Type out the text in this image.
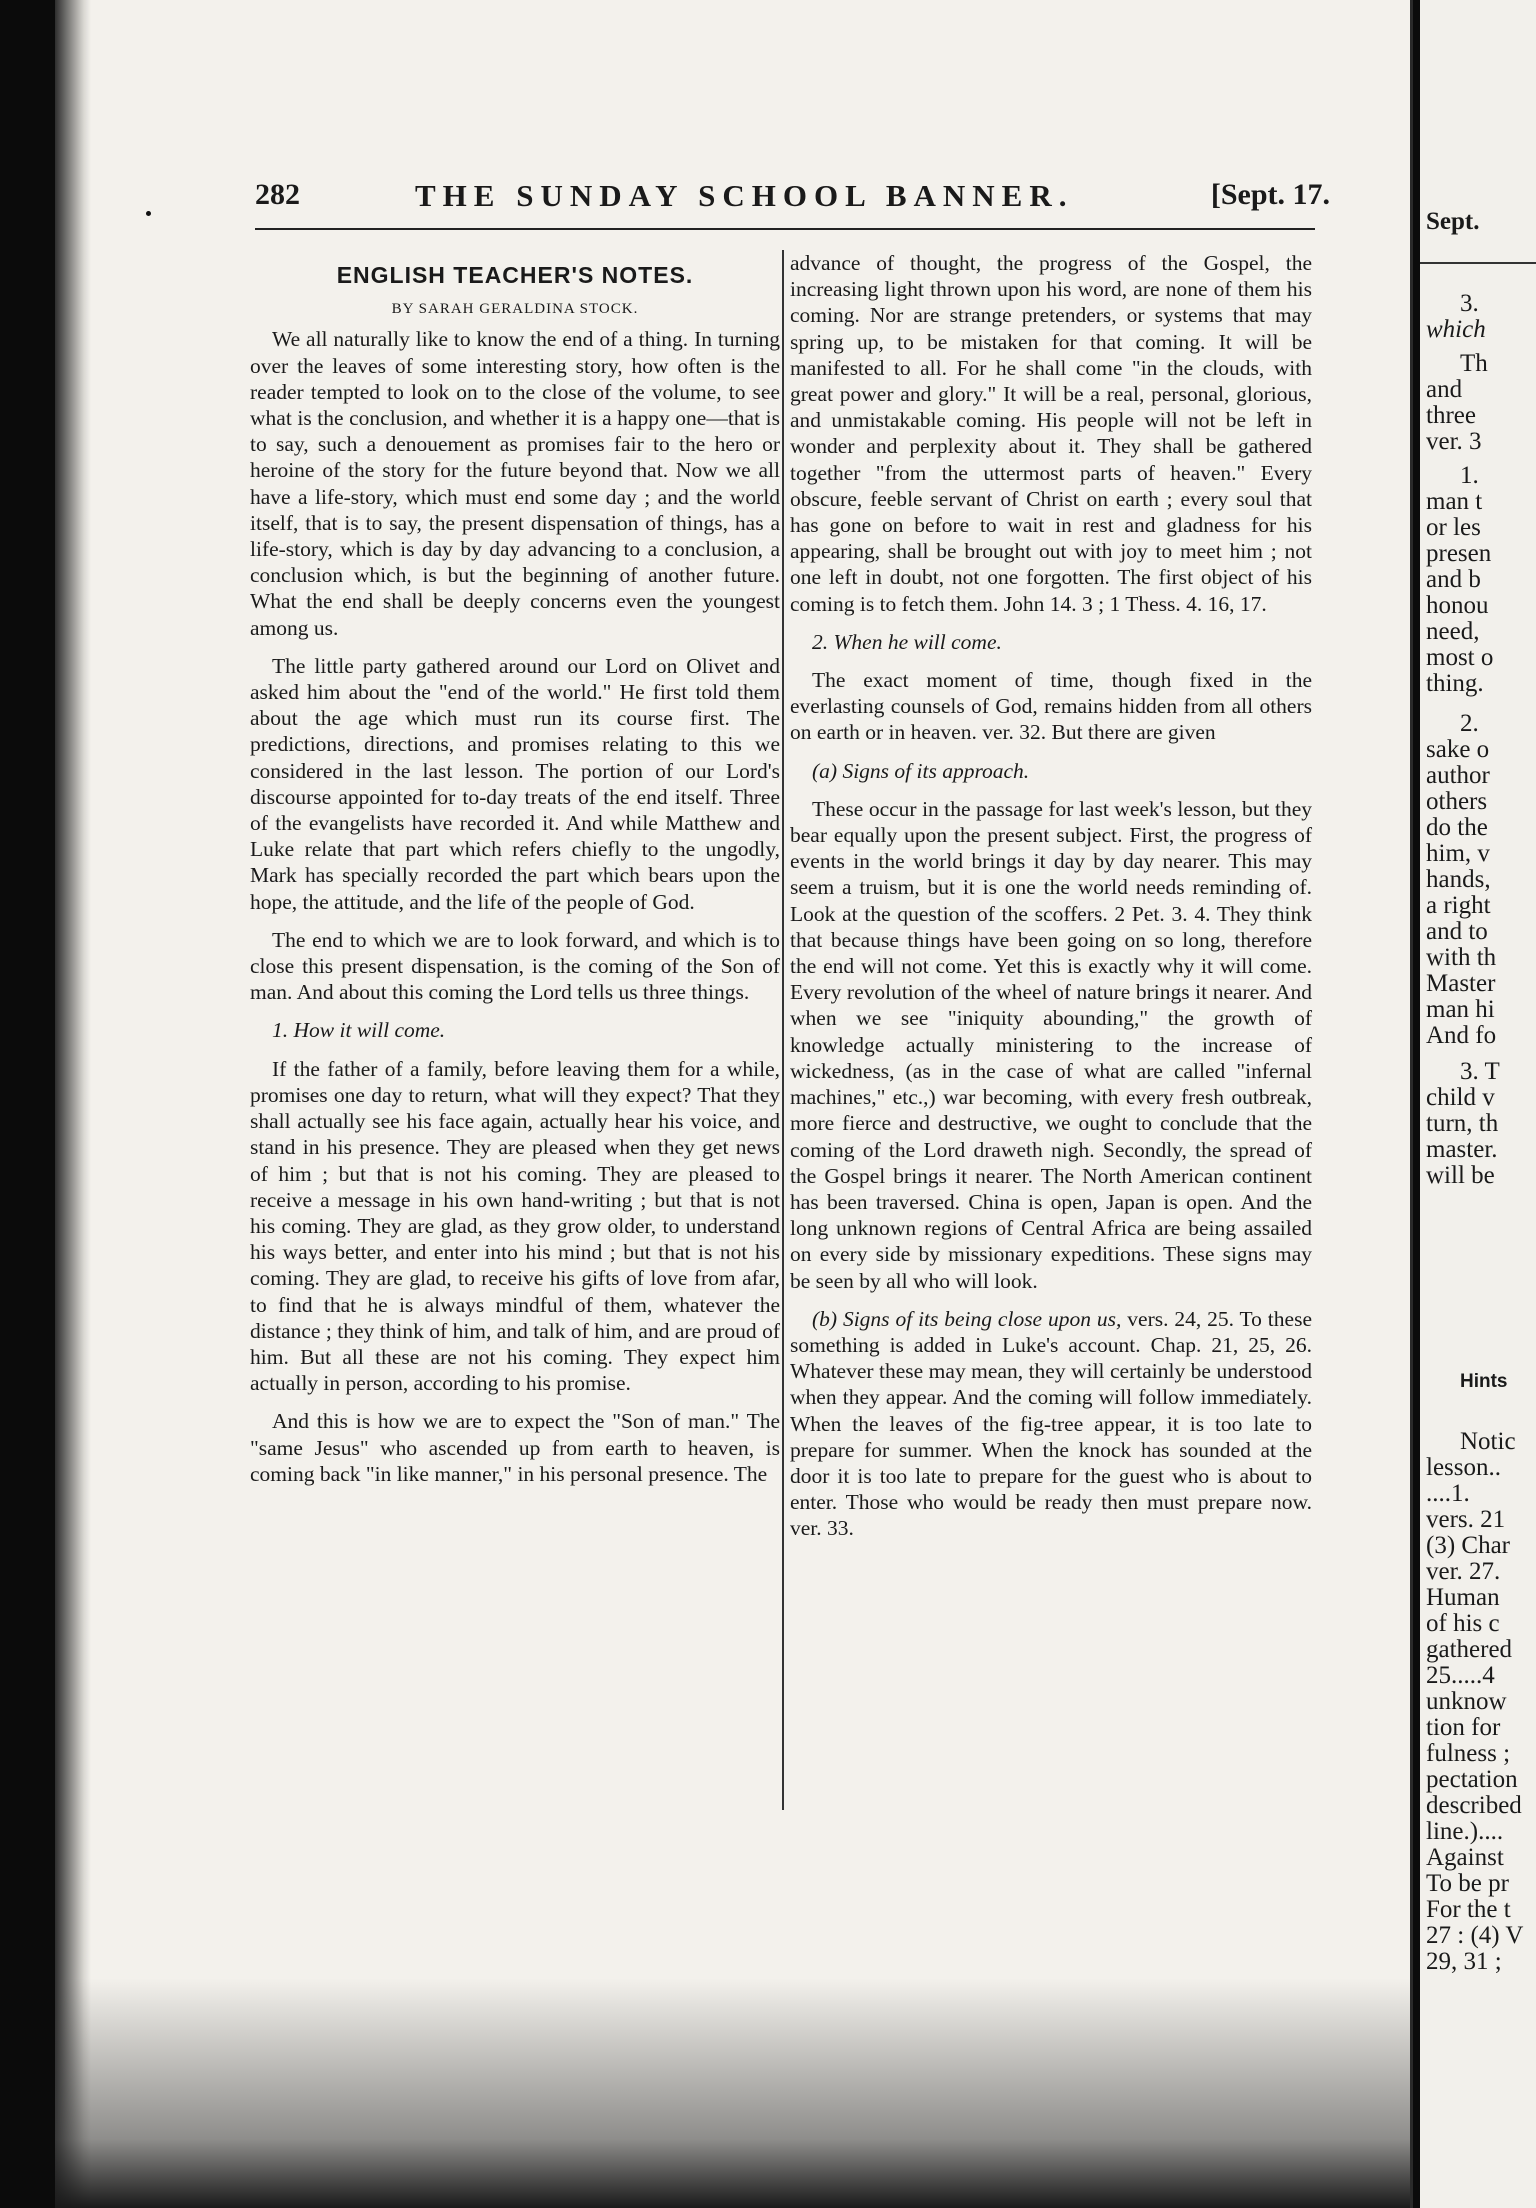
282	THE SUNDAY SCHOOL BANNER.	[Sept. 17.
ENGLISH TEACHER'S NOTES.
BY SARAH GERALDINA STOCK.

We all naturally like to know the end of a thing. In turning over the leaves of some interesting story, how often is the reader tempted to look on to the close of the volume, to see what is the conclusion, and whether it is a happy one—that is to say, such a denouement as promises fair to the hero or heroine of the story for the future beyond that. Now we all have a life-story, which must end some day ; and the world itself, that is to say, the present dispensation of things, has a life-story, which is day by day advancing to a conclusion, a conclusion which, is but the beginning of another future. What the end shall be deeply concerns even the youngest among us.

The little party gathered around our Lord on Olivet and asked him about the "end of the world." He first told them about the age which must run its course first. The predictions, directions, and promises relating to this we considered in the last lesson. The portion of our Lord's discourse appointed for to-day treats of the end itself. Three of the evangelists have recorded it. And while Matthew and Luke relate that part which refers chiefly to the ungodly, Mark has specially recorded the part which bears upon the hope, the attitude, and the life of the people of God.

The end to which we are to look forward, and which is to close this present dispensation, is the coming of the Son of man. And about this coming the Lord tells us three things.

1. How it will come.

If the father of a family, before leaving them for a while, promises one day to return, what will they expect? That they shall actually see his face again, actually hear his voice, and stand in his presence. They are pleased when they get news of him ; but that is not his coming. They are pleased to receive a message in his own hand-writing ; but that is not his coming. They are glad, as they grow older, to understand his ways better, and enter into his mind ; but that is not his coming. They are glad, to receive his gifts of love from afar, to find that he is always mindful of them, whatever the distance ; they think of him, and talk of him, and are proud of him. But all these are not his coming. They expect him actually in person, according to his promise.

And this is how we are to expect the "Son of man." The "same Jesus" who ascended up from earth to heaven, is coming back "in like manner," in his personal presence. The

advance of thought, the progress of the Gospel, the increasing light thrown upon his word, are none of them his coming. Nor are strange pretenders, or systems that may spring up, to be mistaken for that coming. It will be manifested to all. For he shall come "in the clouds, with great power and glory." It will be a real, personal, glorious, and unmistakable coming. His people will not be left in wonder and perplexity about it. They shall be gathered together "from the uttermost parts of heaven." Every obscure, feeble servant of Christ on earth ; every soul that has gone on before to wait in rest and gladness for his appearing, shall be brought out with joy to meet him ; not one left in doubt, not one forgotten. The first object of his coming is to fetch them. John 14. 3 ; 1 Thess. 4. 16, 17.

2. When he will come.

The exact moment of time, though fixed in the everlasting counsels of God, remains hidden from all others on earth or in heaven. ver. 32. But there are given

(a) Signs of its approach.

These occur in the passage for last week's lesson, but they bear equally upon the present subject. First, the progress of events in the world brings it day by day nearer. This may seem a truism, but it is one the world needs reminding of. Look at the question of the scoffers. 2 Pet. 3. 4. They think that because things have been going on so long, therefore the end will not come. Yet this is exactly why it will come. Every revolution of the wheel of nature brings it nearer. And when we see "iniquity abounding," the growth of knowledge actually ministering to the increase of wickedness, (as in the case of what are called "infernal machines," etc.,) war becoming, with every fresh outbreak, more fierce and destructive, we ought to conclude that the coming of the Lord draweth nigh. Secondly, the spread of the Gospel brings it nearer. The North American continent has been traversed. China is open, Japan is open. And the long unknown regions of Central Africa are being assailed on every side by missionary expeditions. These signs may be seen by all who will look.

(b) Signs of its being close upon us, vers. 24, 25. To these something is added in Luke's account. Chap. 21, 25, 26. Whatever these may mean, they will certainly be understood when they appear. And the coming will follow immediately. When the leaves of the fig-tree appear, it is too late to prepare for summer. When the knock has sounded at the door it is too late to prepare for the guest who is about to enter. Those who would be ready then must prepare now. ver. 33.

Sept.
3.
which
Th
and
three
ver. 3
1.
man t
or les
presen
and b
honou
need,
most o
thing.
2.
sake o
author
others
do the
him, v
hands,
a right
and to
with th
Master
man hi
And fo
3. T
child v
turn, th
master.
will be
Hints
Notic
lesson..
....1.
vers. 21
(3) Char
ver. 27.
Human
of his c
gathered
25.....4
unknow
tion for
fulness ;
pectation
described
line.)....
Against
To be pr
For the t
27 : (4) V
29, 31 ;
